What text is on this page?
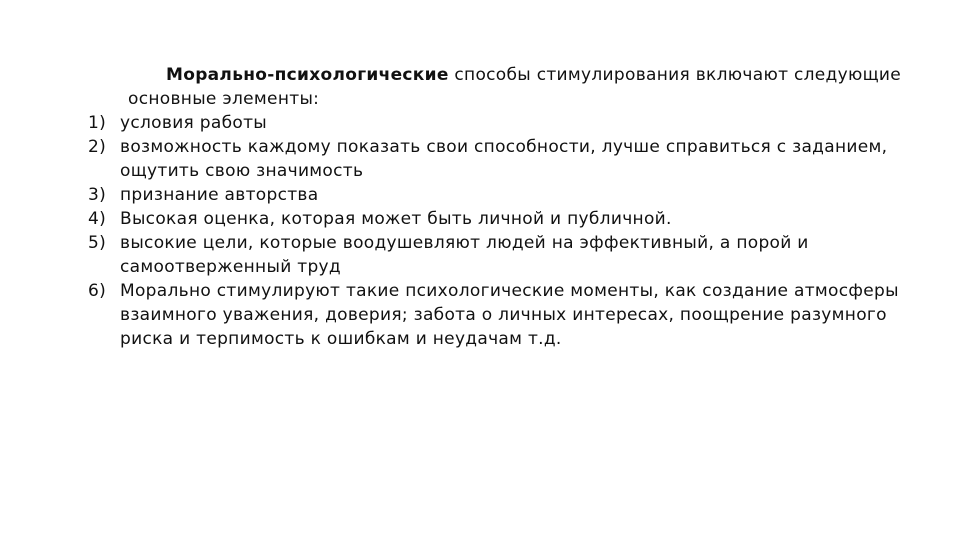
Морально-психологические способы стимулирования включают следующие основные элементы:

1) условия работы
2) возможность каждому показать свои способности, лучше справиться с заданием, ощутить свою значимость
3) признание авторства
4) Высокая оценка, которая может быть личной и публичной.
5) высокие цели, которые воодушевляют людей на эффективный, а порой и самоотверженный труд
6) Морально стимулируют такие психологические моменты, как создание атмосферы взаимного уважения, доверия; забота о личных интересах, поощрение разумного риска и терпимость к ошибкам и неудачам т.д.
